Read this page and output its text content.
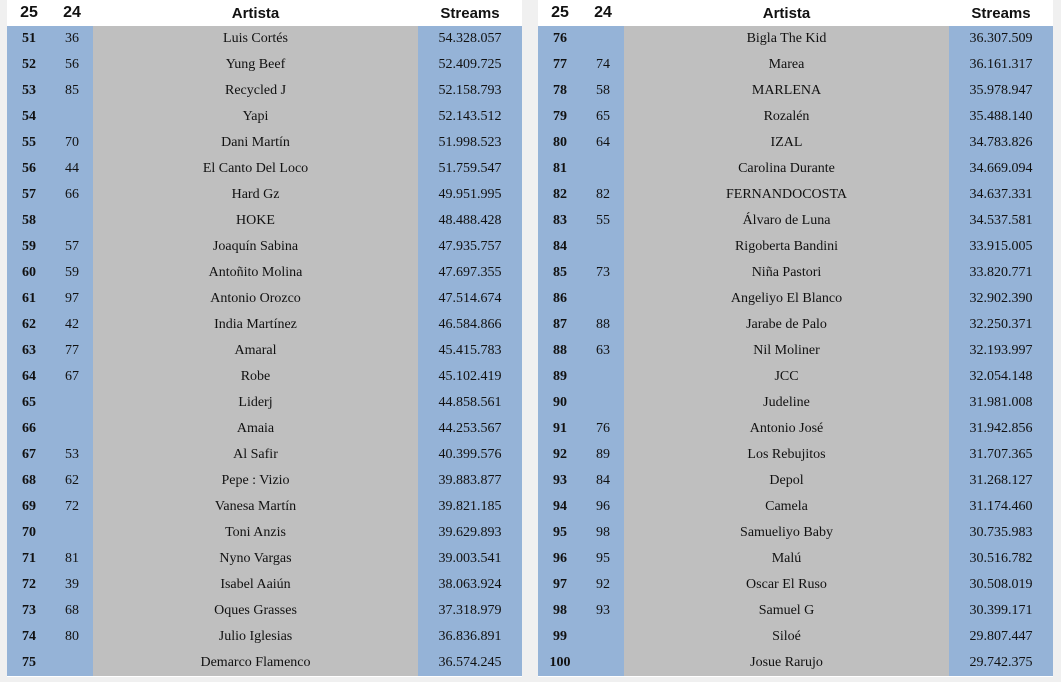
25	24	Artista	Streams
51	36	Luis Cortés	54.328.057
52	56	Yung Beef	52.409.725
53	85	Recycled J	52.158.793
54		Yapi	52.143.512
55	70	Dani Martín	51.998.523
56	44	El Canto Del Loco	51.759.547
57	66	Hard Gz	49.951.995
58		HOKE	48.488.428
59	57	Joaquín Sabina	47.935.757
60	59	Antoñito Molina	47.697.355
61	97	Antonio Orozco	47.514.674
62	42	India Martínez	46.584.866
63	77	Amaral	45.415.783
64	67	Robe	45.102.419
65		Liderj	44.858.561
66		Amaia	44.253.567
67	53	Al Safir	40.399.576
68	62	Pepe : Vizio	39.883.877
69	72	Vanesa Martín	39.821.185
70		Toni Anzis	39.629.893
71	81	Nyno Vargas	39.003.541
72	39	Isabel Aaiún	38.063.924
73	68	Oques Grasses	37.318.979
74	80	Julio Iglesias	36.836.891
75		Demarco Flamenco	36.574.245
25	24	Artista	Streams
76		Bigla The Kid	36.307.509
77	74	Marea	36.161.317
78	58	MARLENA	35.978.947
79	65	Rozalén	35.488.140
80	64	IZAL	34.783.826
81		Carolina Durante	34.669.094
82	82	FERNANDOCOSTA	34.637.331
83	55	Álvaro de Luna	34.537.581
84		Rigoberta Bandini	33.915.005
85	73	Niña Pastori	33.820.771
86		Angeliyo El Blanco	32.902.390
87	88	Jarabe de Palo	32.250.371
88	63	Nil Moliner	32.193.997
89		JCC	32.054.148
90		Judeline	31.981.008
91	76	Antonio José	31.942.856
92	89	Los Rebujitos	31.707.365
93	84	Depol	31.268.127
94	96	Camela	31.174.460
95	98	Samueliyo Baby	30.735.983
96	95	Malú	30.516.782
97	92	Oscar El Ruso	30.508.019
98	93	Samuel G	30.399.171
99		Siloé	29.807.447
100		Josue Rarujo	29.742.375
